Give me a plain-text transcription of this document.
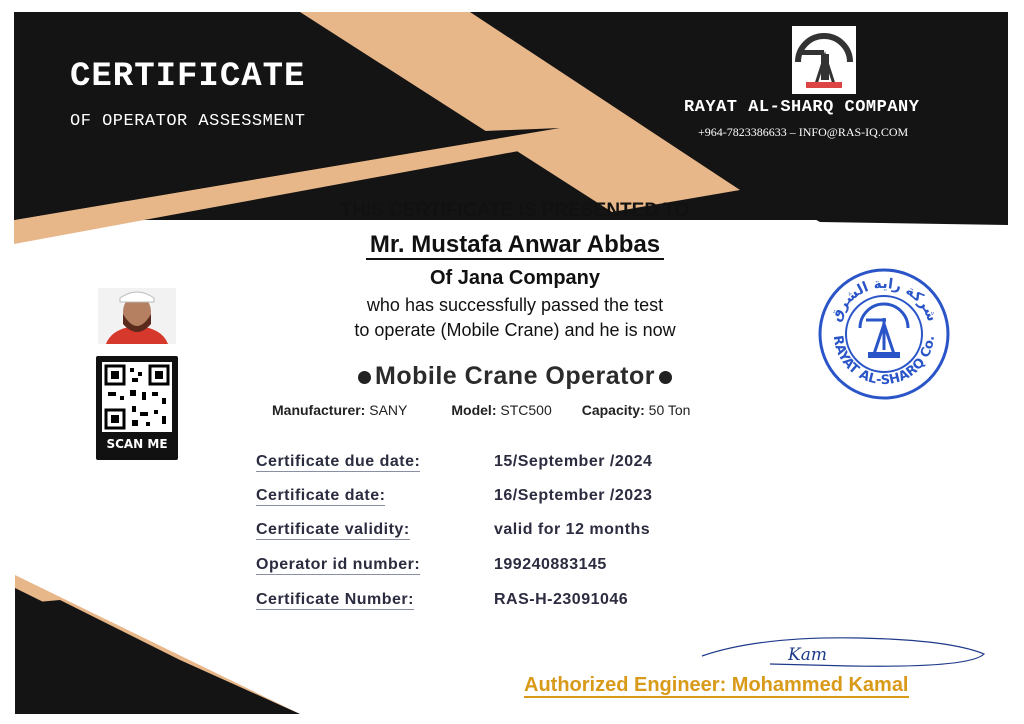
CERTIFICATE
OF OPERATOR ASSESSMENT
RAYAT AL-SHARQ COMPANY
+964-7823386633 – INFO@RAS-IQ.COM
THIS CERTIFICATE IS PRESENTED TO
Mr. Mustafa Anwar Abbas
Of Jana Company
who has successfully passed the test
to operate (Mobile Crane) and he is now
Mobile Crane Operator
Manufacturer: SANY	Model: STC500 Capacity: 50 Ton
Certificate due date:	15/September /2024
Certificate date:	16/September /2023
Certificate validity:	valid for 12 months
Operator id number:	199240883145
Certificate Number:	RAS-H-23091046
SCAN ME
شركة راية الشرق
RAYAT AL-SHARQ Co.
Kam
Authorized Engineer: Mohammed Kamal
